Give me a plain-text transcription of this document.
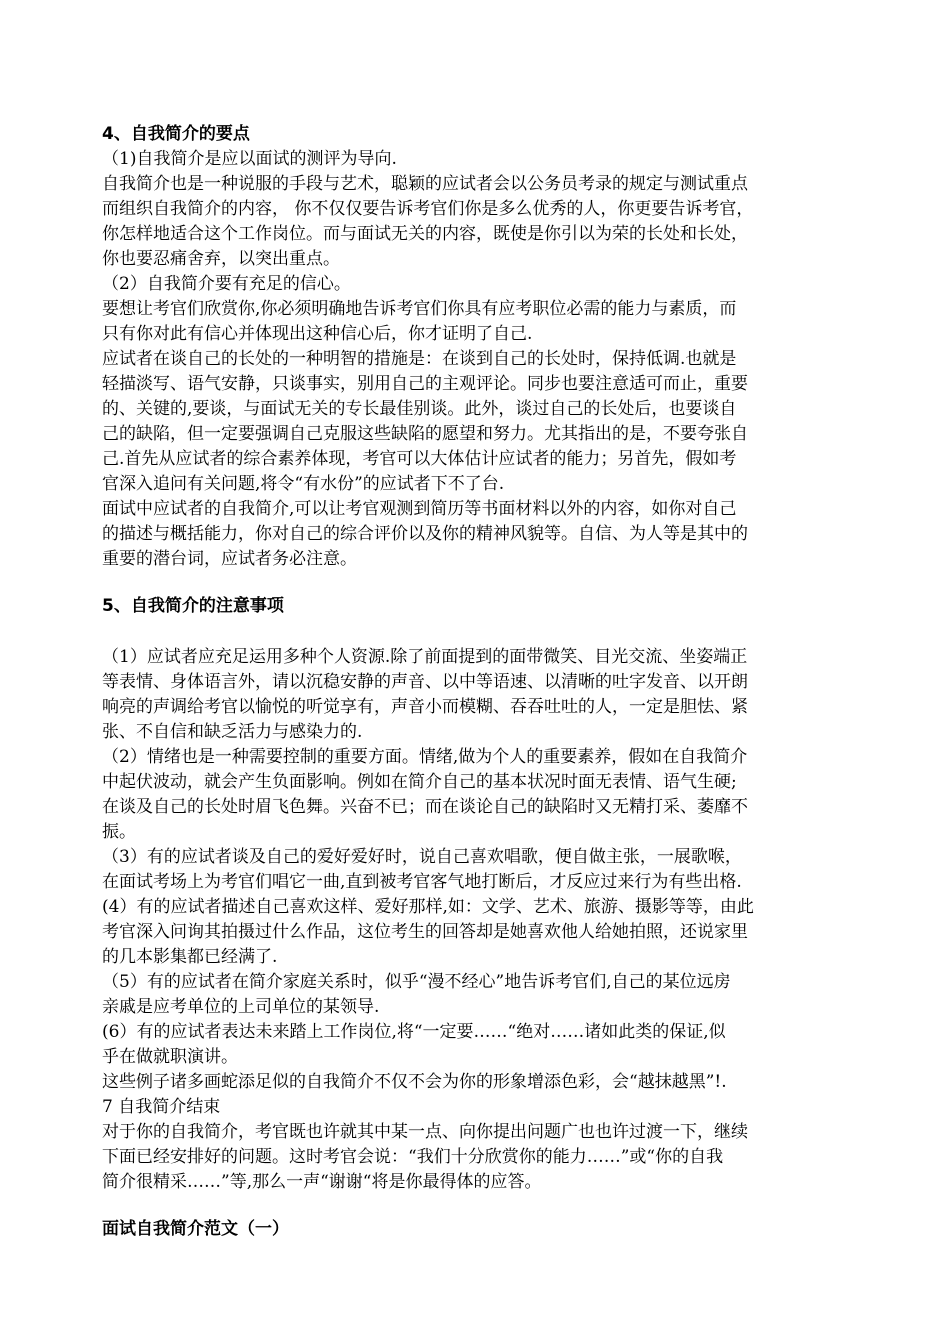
4、自我简介的要点
（1)自我简介是应以面试的测评为导向.
自我简介也是一种说服的手段与艺术，聪颖的应试者会以公务员考录的规定与测试重点
而组织自我简介的内容， 你不仅仅要告诉考官们你是多么优秀的人，你更要告诉考官，
你怎样地适合这个工作岗位。而与面试无关的内容，既使是你引以为荣的长处和长处，
你也要忍痛舍弃，以突出重点。
（2）自我简介要有充足的信心。
要想让考官们欣赏你,你必须明确地告诉考官们你具有应考职位必需的能力与素质，而
只有你对此有信心并体现出这种信心后，你才证明了自己.
应试者在谈自己的长处的一种明智的措施是：在谈到自己的长处时，保持低调.也就是
轻描淡写、语气安静，只谈事实，别用自己的主观评论。同步也要注意适可而止，重要
的、关键的,要谈，与面试无关的专长最佳别谈。此外，谈过自己的长处后，也要谈自
己的缺陷，但一定要强调自己克服这些缺陷的愿望和努力。尤其指出的是，不要夸张自
己.首先从应试者的综合素养体现，考官可以大体估计应试者的能力；另首先，假如考
官深入追问有关问题,将令“有水份”的应试者下不了台.
面试中应试者的自我简介,可以让考官观测到简历等书面材料以外的内容，如你对自己
的描述与概括能力，你对自己的综合评价以及你的精神风貌等。自信、为人等是其中的
重要的潜台词，应试者务必注意。
5、自我简介的注意事项
（1）应试者应充足运用多种个人资源.除了前面提到的面带微笑、目光交流、坐姿端正
等表情、身体语言外，请以沉稳安静的声音、以中等语速、以清晰的吐字发音、以开朗
响亮的声调给考官以愉悦的听觉享有，声音小而模糊、吞吞吐吐的人，一定是胆怯、紧
张、不自信和缺乏活力与感染力的.
（2）情绪也是一种需要控制的重要方面。情绪,做为个人的重要素养，假如在自我简介
中起伏波动，就会产生负面影响。例如在简介自己的基本状况时面无表情、语气生硬;
在谈及自己的长处时眉飞色舞。兴奋不已；而在谈论自己的缺陷时又无精打采、萎靡不
振。
（3）有的应试者谈及自己的爱好爱好时，说自己喜欢唱歌，便自做主张，一展歌喉，
在面试考场上为考官们唱它一曲,直到被考官客气地打断后，才反应过来行为有些出格.
(4）有的应试者描述自己喜欢这样、爱好那样,如：文学、艺术、旅游、摄影等等，由此
考官深入问询其拍摄过什么作品，这位考生的回答却是她喜欢他人给她拍照，还说家里
的几本影集都已经满了.
（5）有的应试者在简介家庭关系时，似乎“漫不经心”地告诉考官们,自己的某位远房
亲戚是应考单位的上司单位的某领导.
(6）有的应试者表达未来踏上工作岗位,将“一定要……“绝对……诸如此类的保证,似
乎在做就职演讲。
这些例子诸多画蛇添足似的自我简介不仅不会为你的形象增添色彩，会“越抹越黑”!.
7 自我简介结束
对于你的自我简介，考官既也许就其中某一点、向你提出问题广也也许过渡一下，继续
下面已经安排好的问题。这时考官会说：“我们十分欣赏你的能力……”或“你的自我
简介很精采……”等,那么一声“谢谢“将是你最得体的应答。
面试自我简介范文（一）
